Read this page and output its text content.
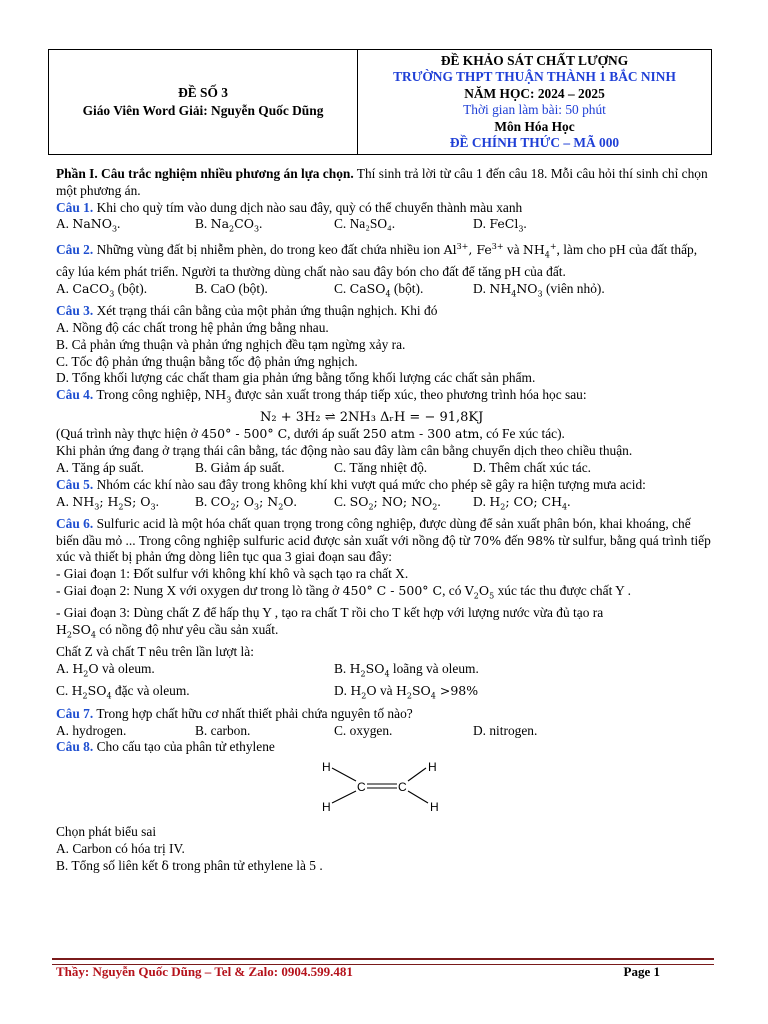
ĐỀ SỐ 3
Giáo Viên Word Giải: Nguyễn Quốc Dũng
ĐỀ KHẢO SÁT CHẤT LƯỢNG
TRƯỜNG THPT THUẬN THÀNH 1 BẮC NINH
NĂM HỌC: 2024 – 2025
Thời gian làm bài: 50 phút
Môn Hóa Học
ĐỀ CHÍNH THỨC – MÃ 000

Phần I. Câu trắc nghiệm nhiều phương án lựa chọn. Thí sinh trả lời từ câu 1 đến câu 18. Mỗi câu hỏi thí sinh chỉ chọn một phương án.

Câu 1. Khi cho quỳ tím vào dung dịch nào sau đây, quỳ có thể chuyển thành màu xanh

A. NaNO$_3$.	B. $Na_2CO_3$.	C. Na₂SO₄.	D. FeCl$_3$.

Câu 2. Những vùng đất bị nhiễm phèn, do trong keo đất chứa nhiều ion $Al^{3+}$, $Fe^{3+}$ và $NH_4^+$, làm cho pH của đất thấp, cây lúa kém phát triển. Người ta thường dùng chất nào sau đây bón cho đất để tăng pH của đất.

A. CaCO$_3$ (bột).	B. CaO (bột).	C. CaSO$_4$ (bột).	D. $NH_4NO_3$ (viên nhỏ).

Câu 3. Xét trạng thái cân bằng của một phản ứng thuận nghịch. Khi đó

A. Nồng độ các chất trong hệ phản ứng bằng nhau.

B. Cả phản ứng thuận và phản ứng nghịch đều tạm ngừng xảy ra.

C. Tốc độ phản ứng thuận bằng tốc độ phản ứng nghịch.

D. Tổng khối lượng các chất tham gia phản ứng bằng tổng khối lượng các chất sản phẩm.

Câu 4. Trong công nghiệp, $NH_3$ được sản xuất trong tháp tiếp xúc, theo phương trình hóa học sau:

N₂ + 3H₂ ⇌ 2NH₃ ΔᵣH = − 91,8KJ

(Quá trình này thực hiện ở 450° - 500° C, dưới áp suất 250 atm - 300 atm, có Fe xúc tác).

Khi phản ứng đang ở trạng thái cân bằng, tác động nào sau đây làm cân bằng chuyển dịch theo chiều thuận.

A. Tăng áp suất.	B. Giảm áp suất.	C. Tăng nhiệt độ.	D. Thêm chất xúc tác.

Câu 5. Nhóm các khí nào sau đây trong không khí khi vượt quá mức cho phép sẽ gây ra hiện tượng mưa acid:

A. $NH_3$; $H_2S$; $O_3$.	B. $CO_2$; $O_3$; $N_2O$.	C. $SO_2$; NO; $NO_2$.	D. $H_2$; CO; $CH_4$.

Câu 6. Sulfuric acid là một hóa chất quan trọng trong công nghiệp, được dùng để sản xuất phân bón, khai khoáng, chế biến dầu mỏ ... Trong công nghiệp sulfuric acid được sản xuất với nồng độ từ 70% đến 98% từ sulfur, bằng quá trình tiếp xúc và thiết bị phản ứng dòng liên tục qua 3 giai đoạn sau đây:

- Giai đoạn 1: Đốt sulfur với không khí khô và sạch tạo ra chất X.

- Giai đoạn 2: Nung X với oxygen dư trong lò tầng ở 450° C - 500° C, có $V_2O_5$ xúc tác thu được chất Y .

- Giai đoạn 3: Dùng chất Z để hấp thụ Y , tạo ra chất T rồi cho T kết hợp với lượng nước vừa đủ tạo ra

$H_2SO_4$ có nồng độ như yêu cầu sản xuất.

Chất Z và chất T nêu trên lần lượt là:

A. $H_2O$ và oleum.	B. $H_2SO_4$ loãng và oleum.
C. $H_2SO_4$ đặc và oleum.	D. $H_2O$ và $H_2SO_4 >98\%$

Câu 7. Trong hợp chất hữu cơ nhất thiết phải chứa nguyên tố nào?

A. hydrogen.	B. carbon.	C. oxygen.	D. nitrogen.

Câu 8. Cho cấu tạo của phân tử ethylene

H	H
C	C
H	H

Chọn phát biểu sai

A. Carbon có hóa trị IV.

B. Tổng số liên kết δ trong phân tử ethylene là 5 .

Thầy: Nguyễn Quốc Dũng – Tel & Zalo: 0904.599.481	Page 1
